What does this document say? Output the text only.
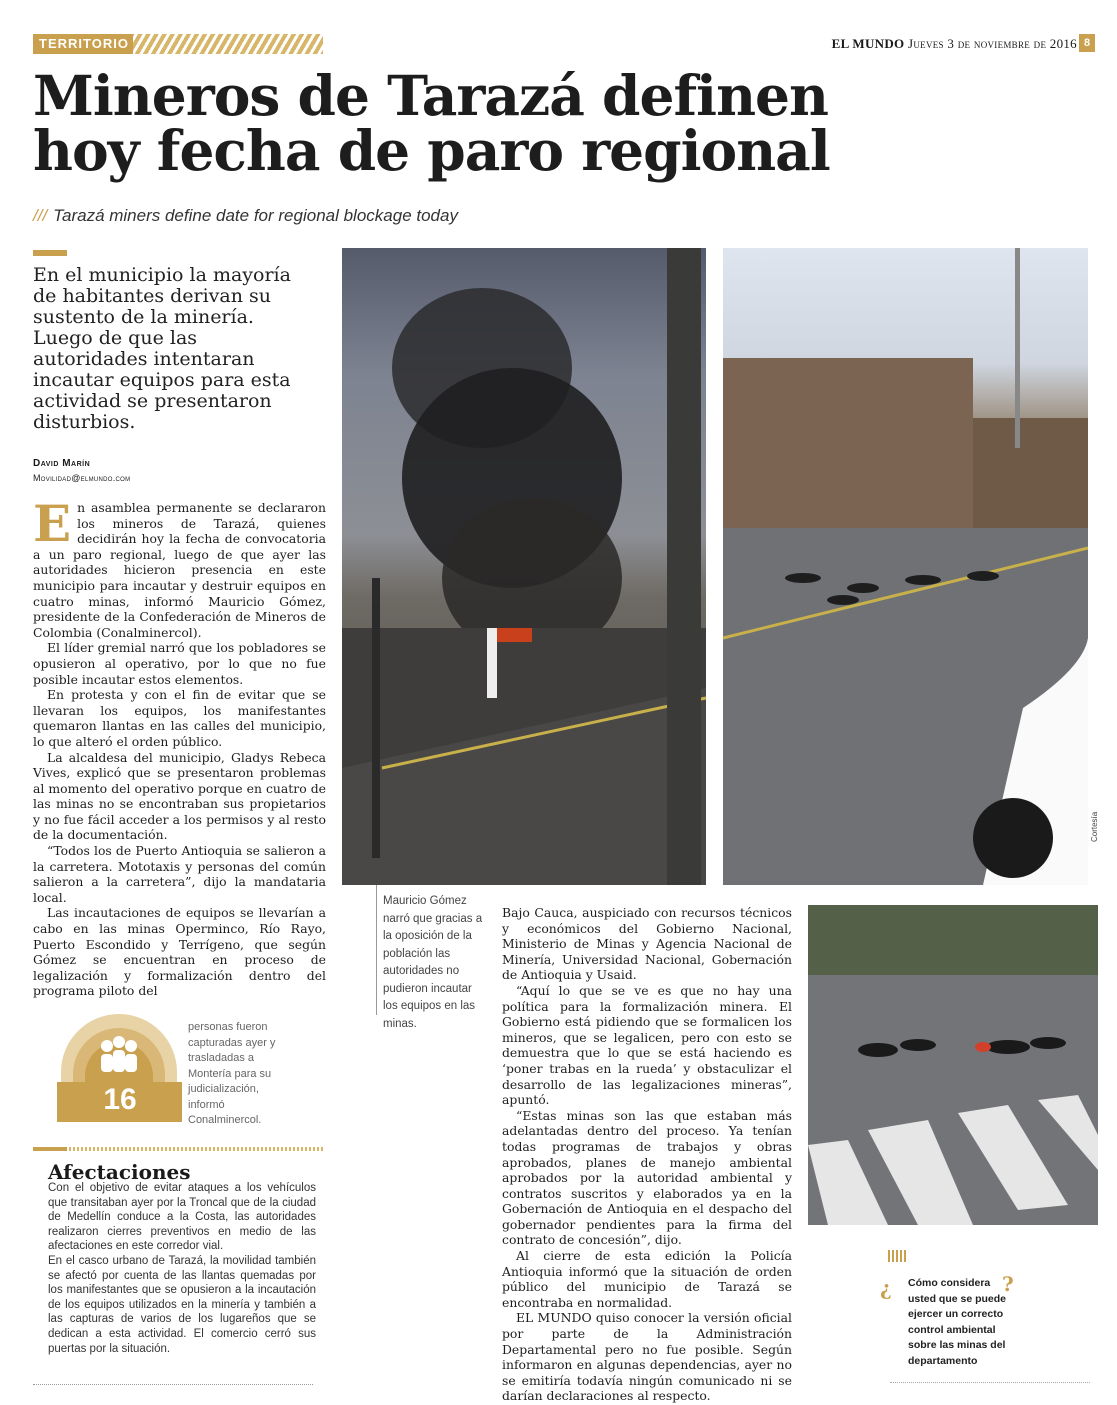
TERRITORIO	EL MUNDO Jueves 3 de noviembre de 2016 8
Mineros de Tarazá definen
hoy fecha de paro regional
/// Tarazá miners define date for regional blockage today
En el municipio la mayoría de habitantes derivan su sustento de la minería. Luego de que las autoridades intentaran incautar equipos para esta actividad se presentaron disturbios.
David Marín
Movilidad@elmundo.com

En asamblea permanente se declararon los mineros de Tarazá, quienes decidirán hoy la fecha de convocatoria a un paro regional, luego de que ayer las autoridades hicieron presencia en este municipio para incautar y destruir equipos en cuatro minas, informó Mauricio Gómez, presidente de la Confederación de Mineros de Colombia (Conalminercol).

El líder gremial narró que los pobladores se opusieron al operativo, por lo que no fue posible incautar estos elementos.

En protesta y con el fin de evitar que se llevaran los equipos, los manifestantes quemaron llantas en las calles del municipio, lo que alteró el orden público.

La alcaldesa del municipio, Gladys Rebeca Vives, explicó que se presentaron problemas al momento del operativo porque en cuatro de las minas no se encontraban sus propietarios y no fue fácil acceder a los permisos y al resto de la documentación.

“Todos los de Puerto Antioquia se salieron a la carretera. Mototaxis y personas del común salieron a la carretera”, dijo la mandataria local.

Las incautaciones de equipos se llevarían a cabo en las minas Operminco, Río Rayo, Puerto Escondido y Terrígeno, que según Gómez se encuentran en proceso de legalización y formalización dentro del programa piloto del

Cortesía
Mauricio Gómez narró que gracias a la oposición de la población las autoridades no pudieron incautar los equipos en las minas.

Bajo Cauca, auspiciado con recursos técnicos y económicos del Gobierno Nacional, Ministerio de Minas y Agencia Nacional de Minería, Universidad Nacional, Gobernación de Antioquia y Usaid.

“Aquí lo que se ve es que no hay una política para la formalización minera. El Gobierno está pidiendo que se formalicen los mineros, que se legalicen, pero con esto se demuestra que lo que se está haciendo es ‘poner trabas en la rueda’ y obstaculizar el desarrollo de las legalizaciones mineras”, apuntó.

“Estas minas son las que estaban más adelantadas dentro del proceso. Ya tenían todas programas de trabajos y obras aprobados, planes de manejo ambiental aprobados por la autoridad ambiental y contratos suscritos y elaborados ya en la Gobernación de Antioquia en el despacho del gobernador pendientes para la firma del contrato de concesión”, dijo.

Al cierre de esta edición la Policía Antioquia informó que la situación de orden público del municipio de Tarazá se encontraba en normalidad.

EL MUNDO quiso conocer la versión oficial por parte de la Administración Departamental pero no fue posible. Según informaron en algunas dependencias, ayer no se emitiría todavía ningún comunicado ni se darían declaraciones al respecto.

16
personas fueron capturadas ayer y trasladadas a Montería para su judicialización, informó Conalminercol.
Afectaciones

Con el objetivo de evitar ataques a los vehículos que transitaban ayer por la Troncal que de la ciudad de Medellín conduce a la Costa, las autoridades realizaron cierres preventivos en medio de las afectaciones en este corredor vial.

En el casco urbano de Tarazá, la movilidad también se afectó por cuenta de las llantas quemadas por los manifestantes que se opusieron a la incautación de los equipos utilizados en la minería y también a las capturas de varios de los lugareños que se dedican a esta actividad. El comercio cerró sus puertas por la situación.

¿ Cómo considera usted que se puede ejercer un correcto control ambiental sobre las minas del departamento
?
